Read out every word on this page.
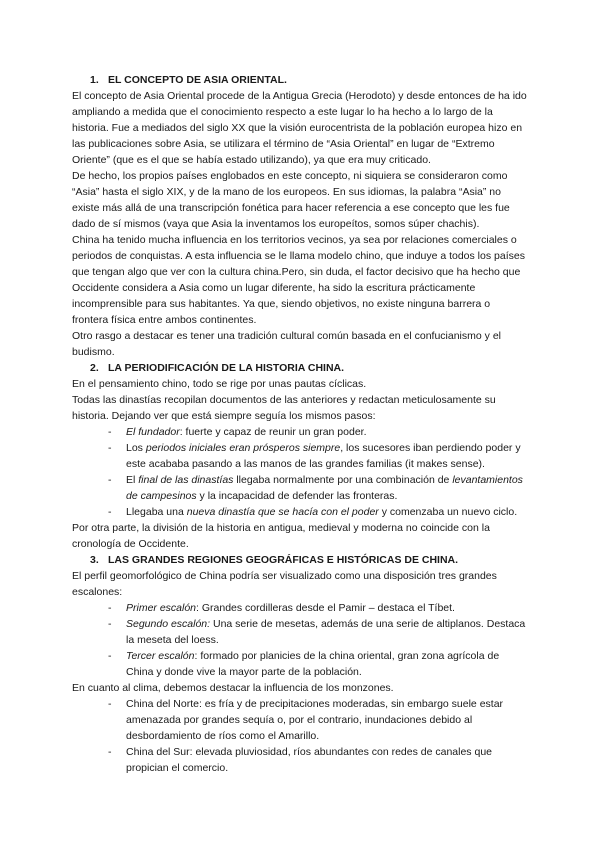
1. EL CONCEPTO DE ASIA ORIENTAL.

El concepto de Asia Oriental procede de la Antigua Grecia (Herodoto) y desde entonces de ha ido ampliando a medida que el conocimiento respecto a este lugar lo ha hecho a lo largo de la historia. Fue a mediados del siglo XX que la visión eurocentrista de la población europea hizo en las publicaciones sobre Asia, se utilizara el término de “Asia Oriental” en lugar de “Extremo Oriente” (que es el que se había estado utilizando), ya que era muy criticado.

De hecho, los propios países englobados en este concepto, ni siquiera se consideraron como “Asia” hasta el siglo XIX, y de la mano de los europeos. En sus idiomas, la palabra “Asia” no existe más allá de una transcripción fonética para hacer referencia a ese concepto que les fue dado de sí mismos (vaya que Asia la inventamos los europeítos, somos súper chachis).

China ha tenido mucha influencia en los territorios vecinos, ya sea por relaciones comerciales o periodos de conquistas. A esta influencia se le llama modelo chino, que induye a todos los países que tengan algo que ver con la cultura china.Pero, sin duda, el factor decisivo que ha hecho que Occidente considera a Asia como un lugar diferente, ha sido la escritura prácticamente incomprensible para sus habitantes. Ya que, siendo objetivos, no existe ninguna barrera o frontera física entre ambos continentes.

Otro rasgo a destacar es tener una tradición cultural común basada en el confucianismo y el budismo.

2. LA PERIODIFICACIÓN DE LA HISTORIA CHINA.

En el pensamiento chino, todo se rige por unas pautas cíclicas.

Todas las dinastías recopilan documentos de las anteriores y redactan meticulosamente su historia. Dejando ver que está siempre seguía los mismos pasos:

- El fundador: fuerte y capaz de reunir un gran poder.
- Los periodos iniciales eran prósperos siempre, los sucesores iban perdiendo poder y este acababa pasando a las manos de las grandes familias (it makes sense).
- El final de las dinastías llegaba normalmente por una combinación de levantamientos de campesinos y la incapacidad de defender las fronteras.
- Llegaba una nueva dinastía que se hacía con el poder y comenzaba un nuevo ciclo.

Por otra parte, la división de la historia en antigua, medieval y moderna no coincide con la cronología de Occidente.

3. LAS GRANDES REGIONES GEOGRÁFICAS E HISTÓRICAS DE CHINA.

El perfil geomorfológico de China podría ser visualizado como una disposición tres grandes escalones:

- Primer escalón: Grandes cordilleras desde el Pamir – destaca el Tíbet.
- Segundo escalón: Una serie de mesetas, además de una serie de altiplanos. Destaca la meseta del loess.
- Tercer escalón: formado por planicies de la china oriental, gran zona agrícola de China y donde vive la mayor parte de la población.

En cuanto al clima, debemos destacar la influencia de los monzones.

- China del Norte: es fría y de precipitaciones moderadas, sin embargo suele estar amenazada por grandes sequía o, por el contrario, inundaciones debido al desbordamiento de ríos como el Amarillo.
- China del Sur: elevada pluviosidad, ríos abundantes con redes de canales que propician el comercio.
